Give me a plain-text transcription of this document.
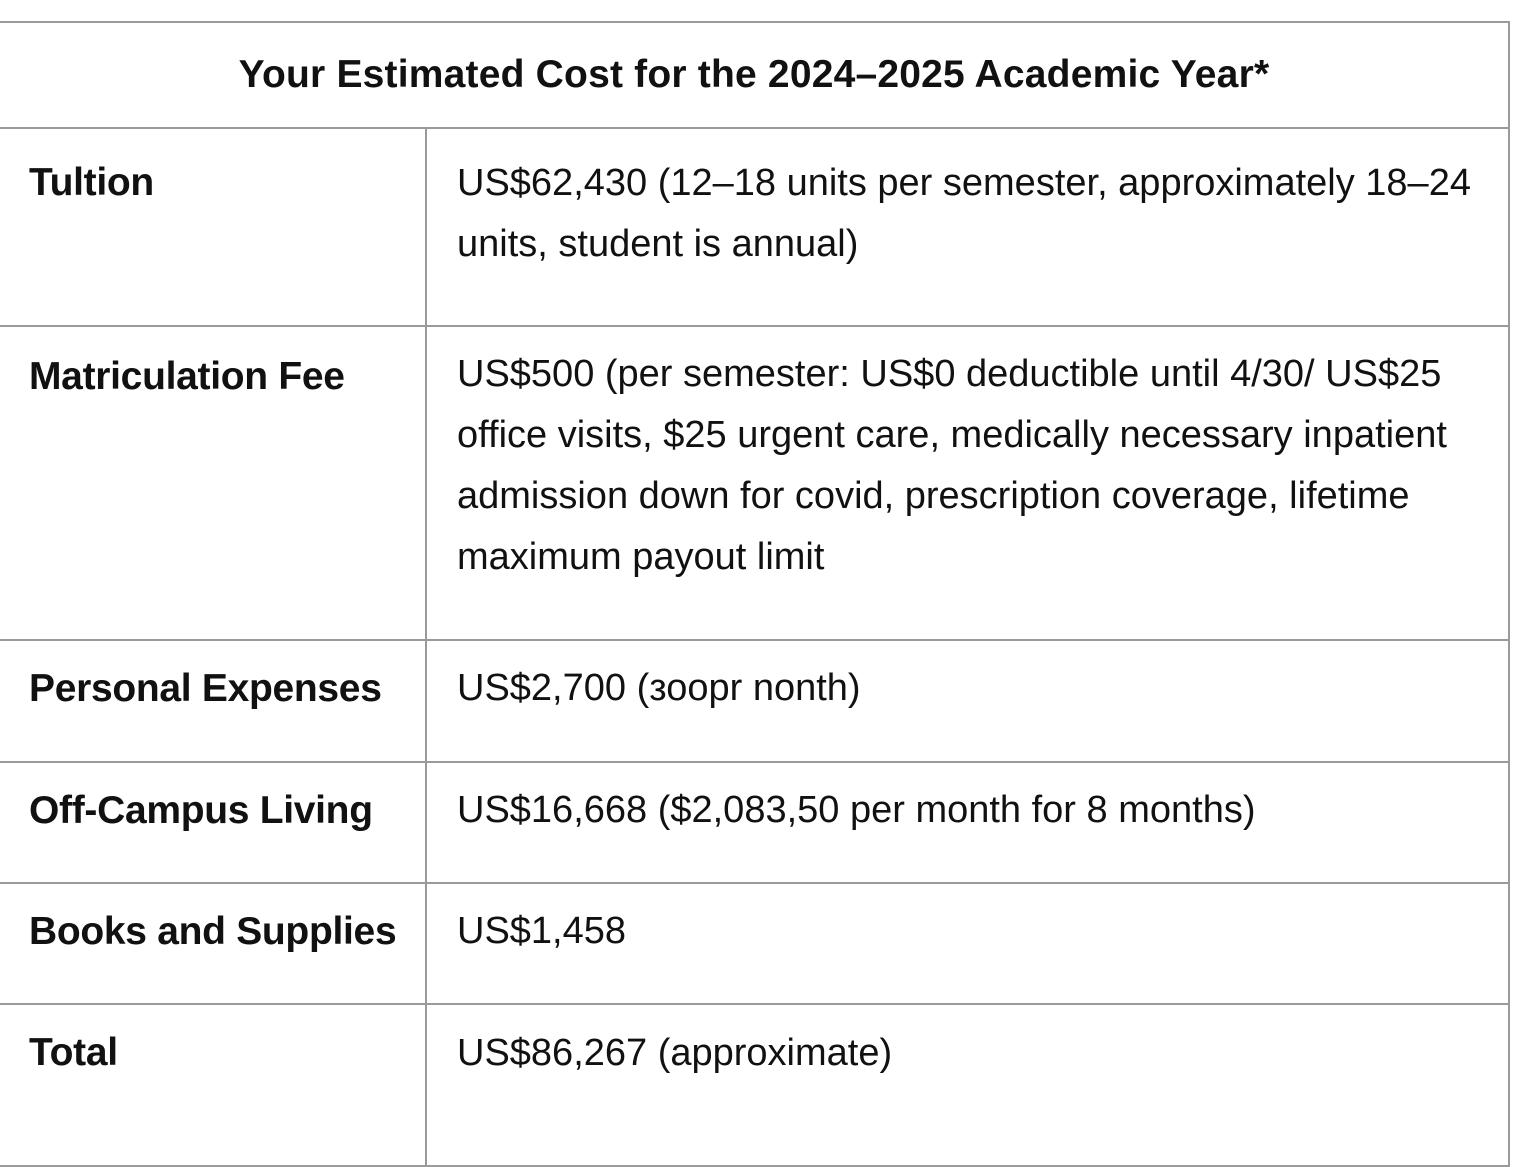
Your Estimated Cost for the 2024–2025 Academic Year*	
Tultion	US$62,430 (12–18 units per semester, approximately 18–24 units, student is annual)
Matriculation Fee	US$500 (per semester: US$0 deductible until 4/30/ US$25 office visits, $25 urgent care, medically necessary inpatient admission down for covid, prescription coverage, lifetime maximum payout limit
Personal Expenses	US$2,700 (зоopr nonth)
Off-Campus Living	US$16,668 ($2,083,50 per month for 8 months)
Books and Supplies	US$1,458
Total	US$86,267 (approximate)
